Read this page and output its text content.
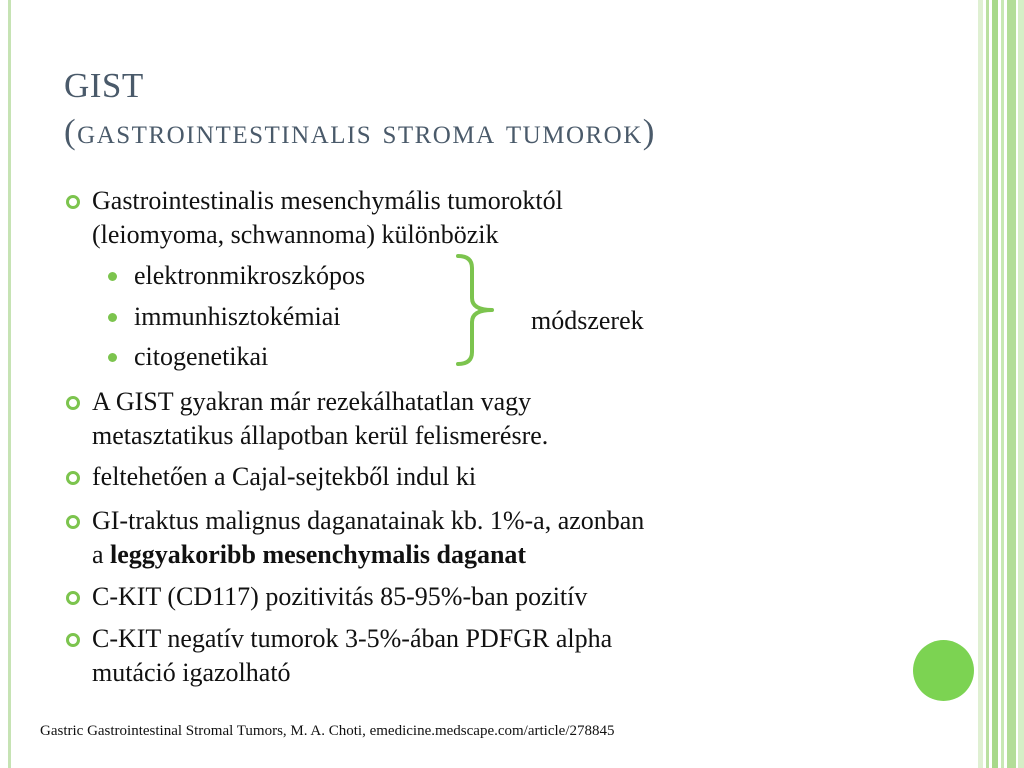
GIST
(gastrointestinalis stroma tumorok)
Gastrointestinalis mesenchymális tumoroktól
(leiomyoma, schwannoma) különbözik
elektronmikroszkópos
immunhisztokémiai
citogenetikai
módszerek
A GIST gyakran már rezekálhatatlan vagy
metasztatikus állapotban kerül felismerésre.
feltehetően a Cajal-sejtekből indul ki
GI-traktus malignus daganatainak kb. 1%-a, azonban
a leggyakoribb mesenchymalis daganat
C-KIT (CD117) pozitivitás 85-95%-ban pozitív
C-KIT negatív tumorok 3-5%-ában PDFGR alpha
mutáció igazolható
Gastric Gastrointestinal Stromal Tumors, M. A. Choti, emedicine.medscape.com/article/278845
